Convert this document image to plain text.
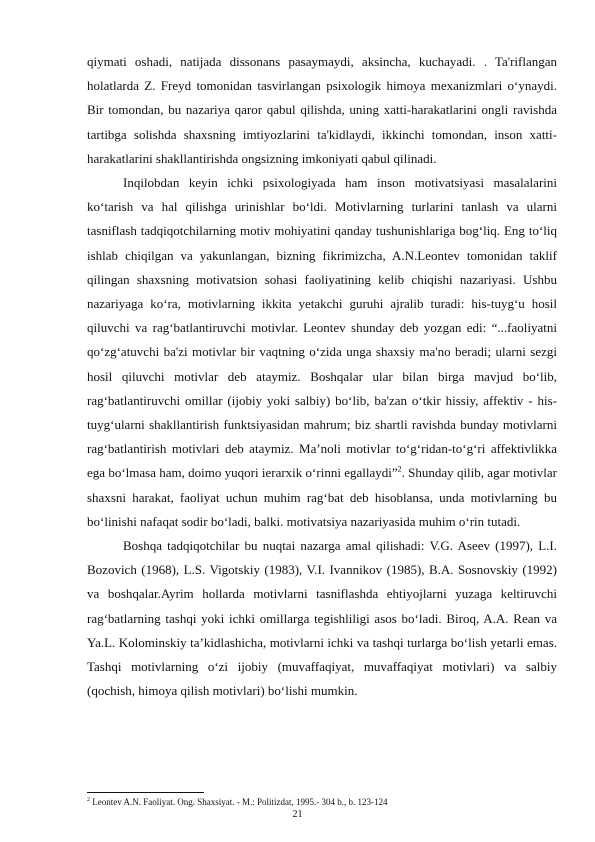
qiymati oshadi, natijada dissonans pasaymaydi, aksincha, kuchayadi. . Ta'riflangan holatlarda Z. Freyd tomonidan tasvirlangan psixologik himoya mexanizmlari o‘ynaydi. Bir tomondan, bu nazariya qaror qabul qilishda, uning xatti-harakatlarini ongli ravishda tartibga solishda shaxsning imtiyozlarini ta'kidlaydi, ikkinchi tomondan, inson xatti-harakatlarini shakllantirishda ongsizning imkoniyati qabul qilinadi.

Inqilobdan keyin ichki psixologiyada ham inson motivatsiyasi masalalarini ko‘tarish va hal qilishga urinishlar bo‘ldi. Motivlarning turlarini tanlash va ularni tasniflash tadqiqotchilarning motiv mohiyatini qanday tushunishlariga bog‘liq. Eng to‘liq ishlab chiqilgan va yakunlangan, bizning fikrimizcha, A.N.Leontev tomonidan taklif qilingan shaxsning motivatsion sohasi faoliyatining kelib chiqishi nazariyasi. Ushbu nazariyaga ko‘ra, motivlarning ikkita yetakchi guruhi ajralib turadi: his-tuyg‘u hosil qiluvchi va rag‘batlantiruvchi motivlar. Leontev shunday deb yozgan edi: “...faoliyatni qo‘zg‘atuvchi ba'zi motivlar bir vaqtning o‘zida unga shaxsiy ma'no beradi; ularni sezgi hosil qiluvchi motivlar deb ataymiz. Boshqalar ular bilan birga mavjud bo‘lib, rag‘batlantiruvchi omillar (ijobiy yoki salbiy) bo‘lib, ba'zan o‘tkir hissiy, affektiv - his-tuyg‘ularni shakllantirish funktsiyasidan mahrum; biz shartli ravishda bunday motivlarni rag‘batlantirish motivlari deb ataymiz. Ma’noli motivlar to‘g‘ridan-to‘g‘ri affektivlikka ega bo‘lmasa ham, doimo yuqori ierarxik o‘rinni egallaydi”$^2$. Shunday qilib, agar motivlar shaxsni harakat, faoliyat uchun muhim rag‘bat deb hisoblansa, unda motivlarning bu bo‘linishi nafaqat sodir bo‘ladi, balki. motivatsiya nazariyasida muhim o‘rin tutadi.

Boshqa tadqiqotchilar bu nuqtai nazarga amal qilishadi: V.G. Aseev (1997), L.I. Bozovich (1968), L.S. Vigotskiy (1983), V.I. Ivannikov (1985), B.A. Sosnovskiy (1992) va boshqalar.Ayrim hollarda motivlarni tasniflashda ehtiyojlarni yuzaga keltiruvchi rag‘batlarning tashqi yoki ichki omillarga tegishliligi asos bo‘ladi. Biroq, A.A. Rean va Ya.L. Kolominskiy ta’kidlashicha, motivlarni ichki va tashqi turlarga bo‘lish yetarli emas. Tashqi motivlarning o‘zi ijobiy (muvaffaqiyat, muvaffaqiyat motivlari) va salbiy (qochish, himoya qilish motivlari) bo‘lishi mumkin.

$^2$ Leontev A.N. Faoliyat. Ong. Shaxsiyat. - M.: Politizdat, 1995.- 304 b., b. 123-124
21
